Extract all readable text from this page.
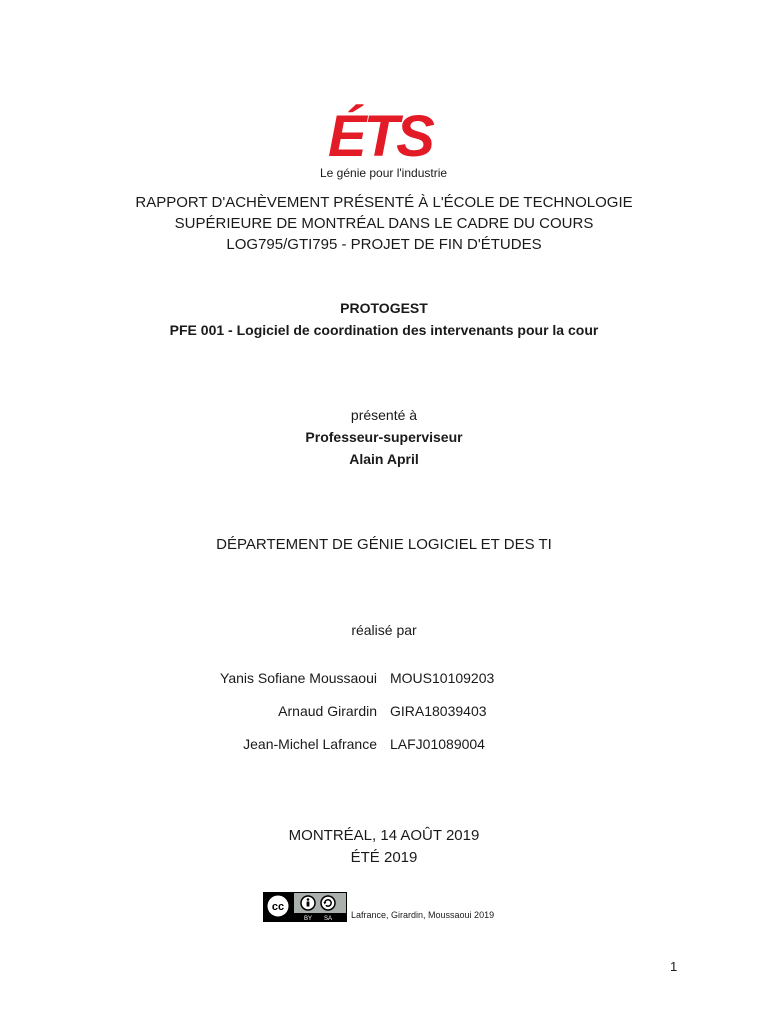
ÉTS
Le génie pour l'industrie
RAPPORT D'ACHÈVEMENT PRÉSENTÉ À L'ÉCOLE DE TECHNOLOGIE
SUPÉRIEURE DE MONTRÉAL DANS LE CADRE DU COURS
LOG795/GTI795 - PROJET DE FIN D'ÉTUDES
PROTOGEST
PFE 001 - Logiciel de coordination des intervenants pour la cour
présenté à
Professeur-superviseur
Alain April
DÉPARTEMENT DE GÉNIE LOGICIEL ET DES TI
réalisé par
Yanis Sofiane Moussaoui MOUS10109203
Arnaud Girardin GIRA18039403
Jean-Michel Lafrance LAFJ01089004
MONTRÉAL, 14 AOÛT 2019
ÉTÉ 2019
cc
BY SA Lafrance, Girardin, Moussaoui 2019
1
